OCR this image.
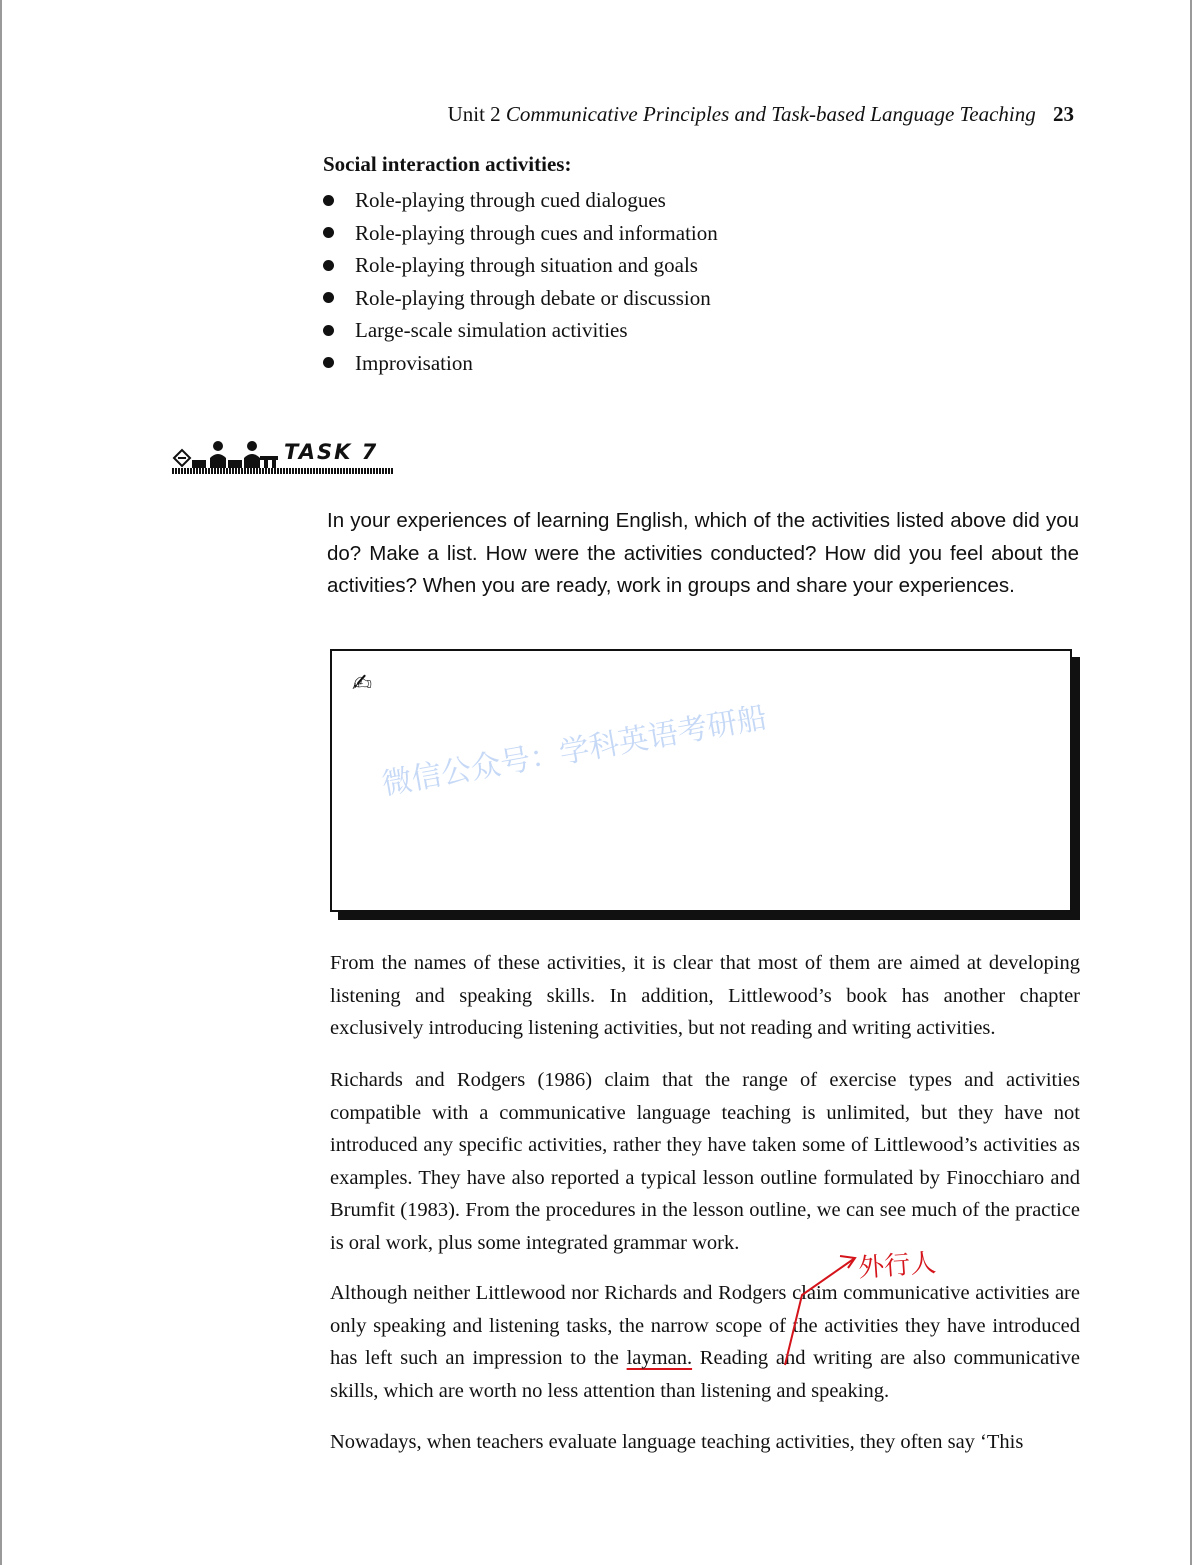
Unit 2 Communicative Principles and Task-based Language Teaching 23
Social interaction activities:
Role-playing through cued dialogues
Role-playing through cues and information
Role-playing through situation and goals
Role-playing through debate or discussion
Large-scale simulation activities
Improvisation
TASK 7

In your experiences of learning English, which of the activities listed above did you do? Make a list. How were the activities conducted? How did you feel about the activities? When you are ready, work in groups and share your experiences.

✍
微信公众号：学科英语考研船

From the names of these activities, it is clear that most of them are aimed at developing listening and speaking skills. In addition, Littlewood’s book has another chapter exclusively introducing listening activities, but not reading and writing activities.

Richards and Rodgers (1986) claim that the range of exercise types and activities compatible with a communicative language teaching is unlimited, but they have not introduced any specific activities, rather they have taken some of Littlewood’s activities as examples. They have also reported a typical lesson outline formulated by Finocchiaro and Brumfit (1983). From the procedures in the lesson outline, we can see much of the practice is oral work, plus some integrated grammar work.

Although neither Littlewood nor Richards and Rodgers claim communicative activities are only speaking and listening tasks, the narrow scope of the activities they have introduced has left such an impression to the layman. Reading and writing are also communicative skills, which are worth no less attention than listening and speaking.

Nowadays, when teachers evaluate language teaching activities, they often say ‘This

外行人
